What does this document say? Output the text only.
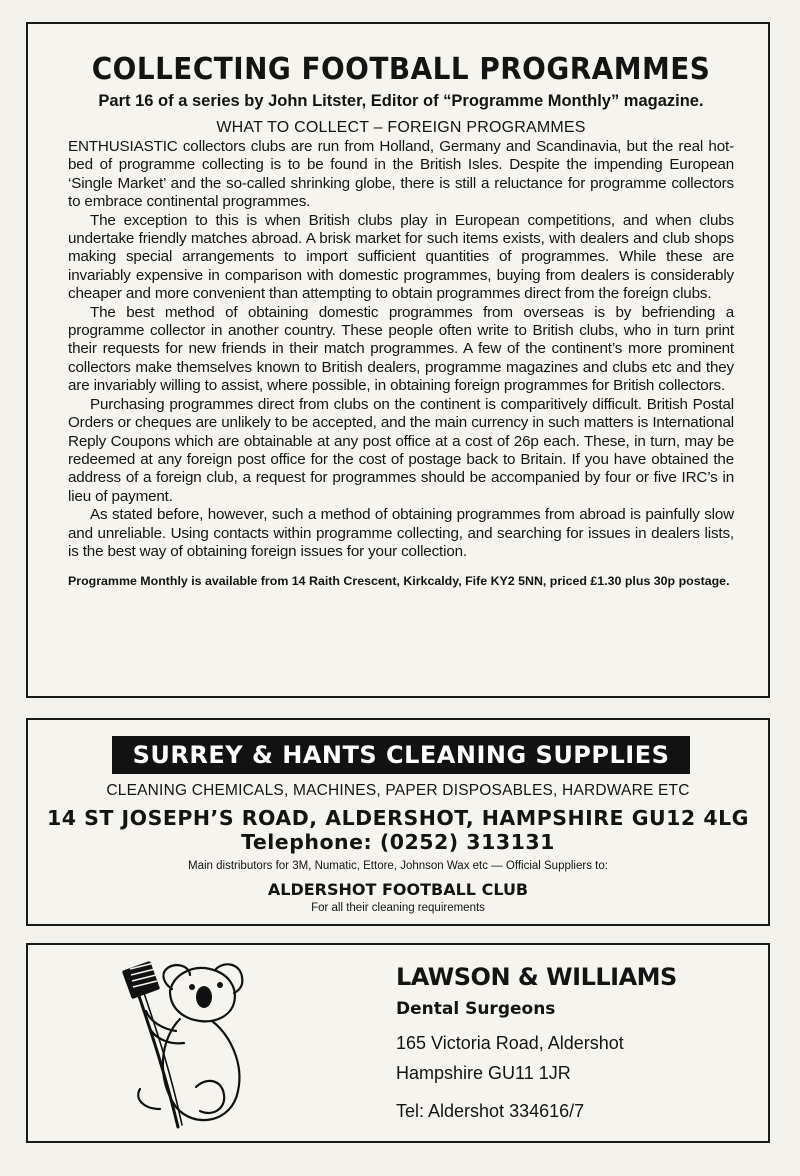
COLLECTING FOOTBALL PROGRAMMES
Part 16 of a series by John Litster, Editor of “Programme Monthly” magazine.
WHAT TO COLLECT – FOREIGN PROGRAMMES

ENTHUSIASTIC collectors clubs are run from Holland, Germany and Scandinavia, but the real hot-bed of programme collecting is to be found in the British Isles. Despite the impending European ‘Single Market’ and the so-called shrinking globe, there is still a reluctance for programme collectors to embrace continental programmes.

The exception to this is when British clubs play in European competitions, and when clubs undertake friendly matches abroad. A brisk market for such items exists, with dealers and club shops making special arrangements to import sufficient quantities of programmes. While these are invariably expensive in comparison with domestic programmes, buying from dealers is considerably cheaper and more convenient than attempting to obtain programmes direct from the foreign clubs.

The best method of obtaining domestic programmes from overseas is by befriending a programme collector in another country. These people often write to British clubs, who in turn print their requests for new friends in their match programmes. A few of the continent’s more prominent collectors make themselves known to British dealers, programme magazines and clubs etc and they are invariably willing to assist, where possible, in obtaining foreign programmes for British collectors.

Purchasing programmes direct from clubs on the continent is comparitively difficult. British Postal Orders or cheques are unlikely to be accepted, and the main currency in such matters is International Reply Coupons which are obtainable at any post office at a cost of 26p each. These, in turn, may be redeemed at any foreign post office for the cost of postage back to Britain. If you have obtained the address of a foreign club, a request for programmes should be accompanied by four or five IRC’s in lieu of payment.

As stated before, however, such a method of obtaining programmes from abroad is painfully slow and unreliable. Using contacts within programme collecting, and searching for issues in dealers lists, is the best way of obtaining foreign issues for your collection.

Programme Monthly is available from 14 Raith Crescent, Kirkcaldy, Fife KY2 5NN, priced £1.30 plus 30p postage.
SURREY & HANTS CLEANING SUPPLIES
CLEANING CHEMICALS, MACHINES, PAPER DISPOSABLES, HARDWARE ETC
14 ST JOSEPH’S ROAD, ALDERSHOT, HAMPSHIRE GU12 4LG
Telephone: (0252) 313131
Main distributors for 3M, Numatic, Ettore, Johnson Wax etc — Official Suppliers to:
ALDERSHOT FOOTBALL CLUB
For all their cleaning requirements
LAWSON & WILLIAMS
Dental Surgeons
165 Victoria Road, Aldershot
Hampshire GU11 1JR
Tel: Aldershot 334616/7
